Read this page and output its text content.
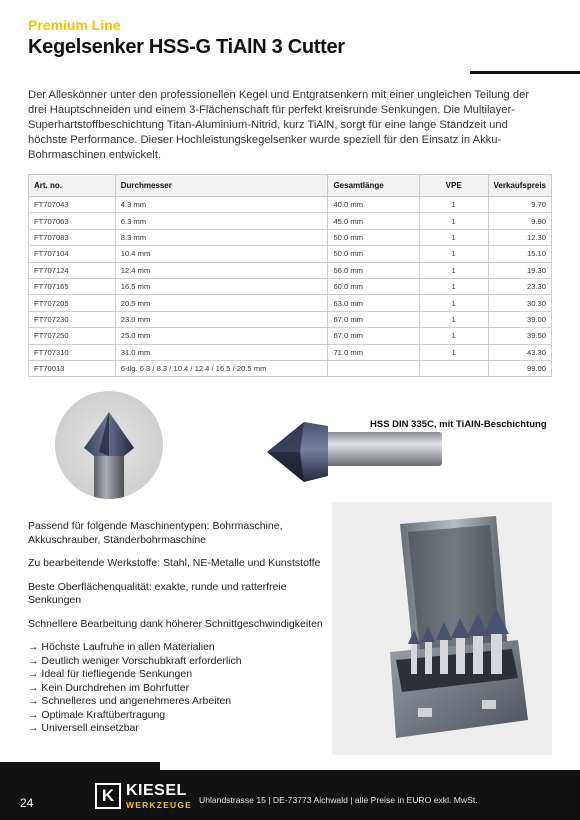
Premium Line
Kegelsenker HSS-G TiAlN 3 Cutter

Der Alleskönner unter den professionellen Kegel und Entgratsenkern mit einer ungleichen Teilung der drei Hauptschneiden und einem 3-Flächenschaft für perfekt kreisrunde Senkungen. Die Multilayer-Superhartstoffbeschichtung Titan-Aluminium-Nitrid, kurz TiAlN, sorgt für eine lange Standzeit und höchste Performance. Dieser Hochleistungskegelsenker wurde speziell für den Einsatz in Akku-Bohrmaschinen entwickelt.

Art. no.	Durchmesser	Gesamtlänge	VPE	Verkaufspreis
FT707043	4.3 mm	40.0 mm	1	9.70
FT707063	6.3 mm	45.0 mm	1	9.90
FT707083	8.3 mm	50.0 mm	1	12.30
FT707104	10.4 mm	50.0 mm	1	15.10
FT707124	12.4 mm	56.0 mm	1	19.30
FT707165	16.5 mm	60.0 mm	1	23.30
FT707205	20.5 mm	63.0 mm	1	30.30
FT707230	23.0 mm	67.0 mm	1	39.00
FT707250	25.0 mm	67.0 mm	1	39.50
FT707310	31.0 mm	71.0 mm	1	43.30
FT70013	6-tlg. 6.3 / 8.3 / 10.4 / 12.4 / 16.5 / 20.5 mm			99.00
HSS DIN 335C, mit TiAlN-Beschichtung

Passend für folgende Maschinentypen: Bohrmaschine, Akkuschrauber, Ständerbohrmaschine

Zu bearbeitende Werkstoffe: Stahl, NE-Metalle und Kunststoffe

Beste Oberflächenqualität: exakte, runde und ratterfreie Senkungen

Schnellere Bearbeitung dank höherer Schnittgeschwindigkeiten

→ Höchste Laufruhe in allen Materialien
→ Deutlich weniger Vorschubkraft erforderlich
→ Ideal für tiefliegende Senkungen
→ Kein Durchdrehen im Bohrfutter
→ Schnelleres und angenehmeres Arbeiten
→ Optimale Kraftübertragung
→ Universell einsetzbar
24	K KIESEL
WERKZEUGE Uhlandstrasse 15 | DE-73773 Aichwald | alle Preise in EURO exkl. MwSt.
